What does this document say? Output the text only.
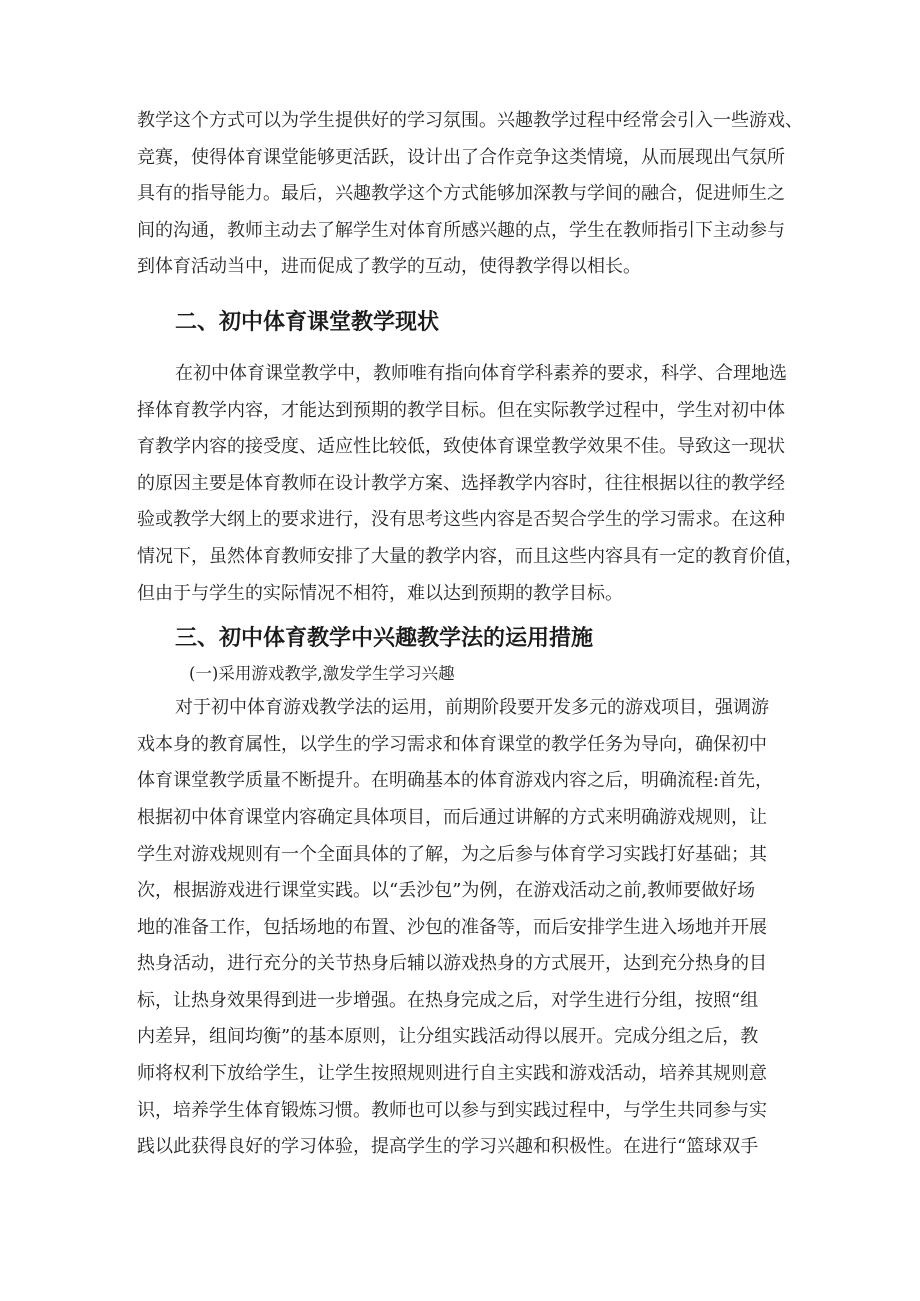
教学这个方式可以为学生提供好的学习氛围。兴趣教学过程中经常会引入一些游戏、
竞赛，使得体育课堂能够更活跃，设计出了合作竞争这类情境，从而展现出气氛所
具有的指导能力。最后，兴趣教学这个方式能够加深教与学间的融合，促进师生之
间的沟通，教师主动去了解学生对体育所感兴趣的点，学生在教师指引下主动参与
到体育活动当中，进而促成了教学的互动，使得教学得以相长。
二、初中体育课堂教学现状
在初中体育课堂教学中，教师唯有指向体育学科素养的要求，科学、合理地选
择体育教学内容，才能达到预期的教学目标。但在实际教学过程中，学生对初中体
育教学内容的接受度、适应性比较低，致使体育课堂教学效果不佳。导致这一现状
的原因主要是体育教师在设计教学方案、选择教学内容时，往往根据以往的教学经
验或教学大纲上的要求进行，没有思考这些内容是否契合学生的学习需求。在这种
情况下，虽然体育教师安排了大量的教学内容，而且这些内容具有一定的教育价值，
但由于与学生的实际情况不相符，难以达到预期的教学目标。
三、初中体育教学中兴趣教学法的运用措施
(一)采用游戏教学,激发学生学习兴趣
对于初中体育游戏教学法的运用，前期阶段要开发多元的游戏项目，强调游
戏本身的教育属性，以学生的学习需求和体育课堂的教学任务为导向，确保初中
体育课堂教学质量不断提升。在明确基本的体育游戏内容之后，明确流程:首先，
根据初中体育课堂内容确定具体项目，而后通过讲解的方式来明确游戏规则，让
学生对游戏规则有一个全面具体的了解，为之后参与体育学习实践打好基础；其
次，根据游戏进行课堂实践。以“丢沙包”为例，在游戏活动之前,教师要做好场
地的准备工作，包括场地的布置、沙包的准备等，而后安排学生进入场地并开展
热身活动，进行充分的关节热身后辅以游戏热身的方式展开，达到充分热身的目
标，让热身效果得到进一步增强。在热身完成之后，对学生进行分组，按照“组
内差异，组间均衡”的基本原则，让分组实践活动得以展开。完成分组之后，教
师将权利下放给学生，让学生按照规则进行自主实践和游戏活动，培养其规则意
识，培养学生体育锻炼习惯。教师也可以参与到实践过程中，与学生共同参与实
践以此获得良好的学习体验，提高学生的学习兴趣和积极性。在进行“篮球双手
